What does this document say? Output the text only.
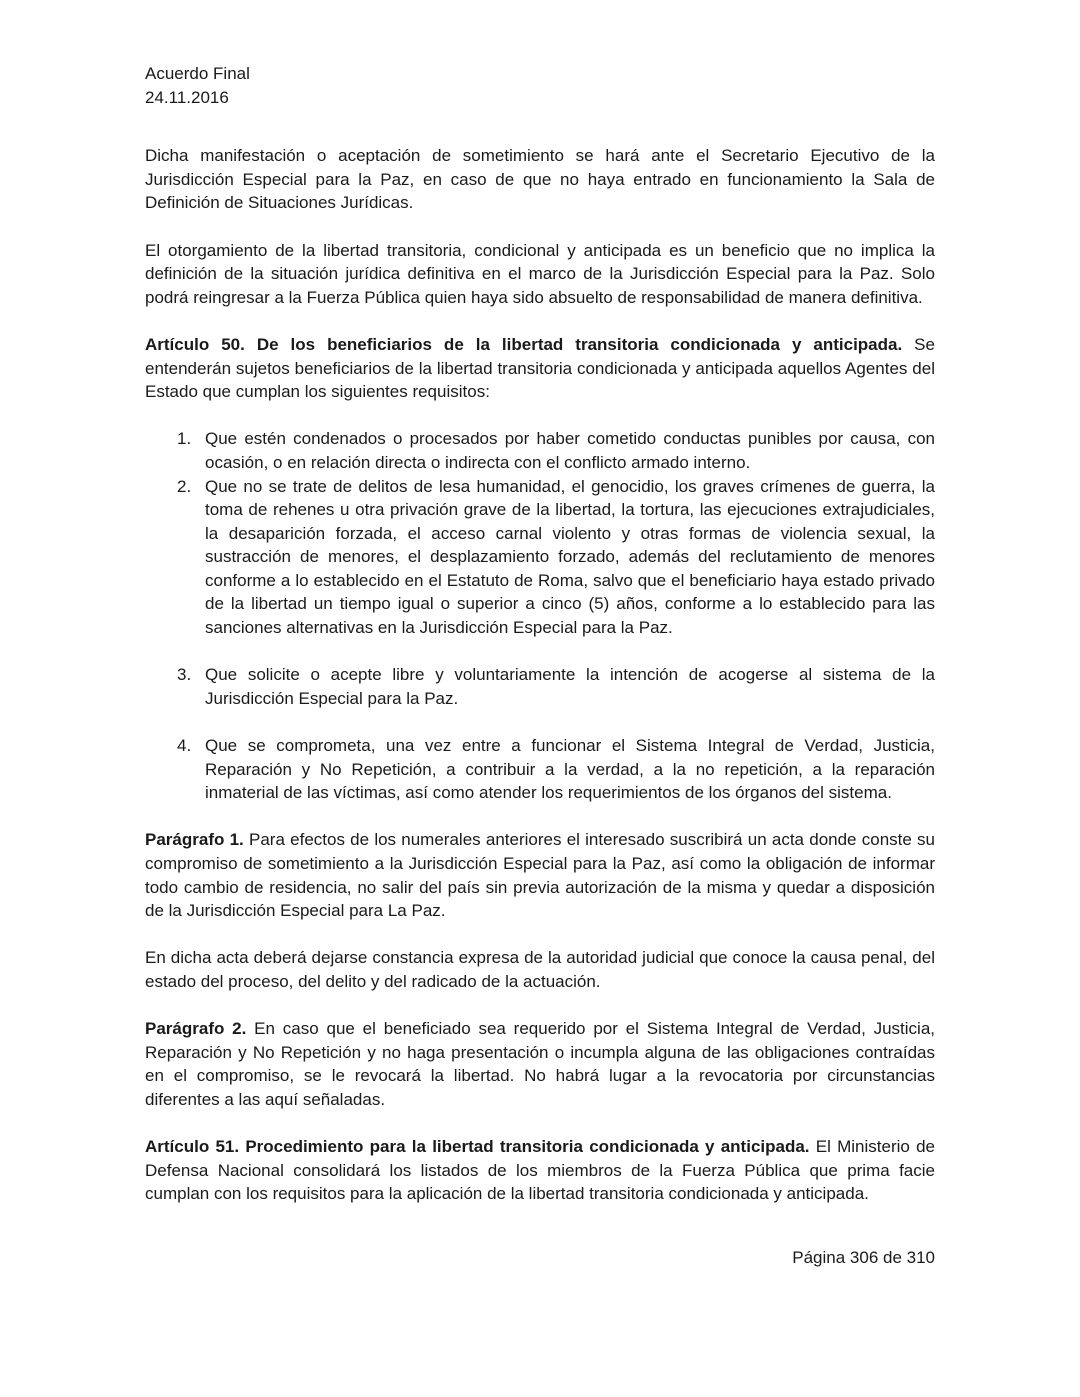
Acuerdo Final
24.11.2016

Dicha manifestación o aceptación de sometimiento se hará ante el Secretario Ejecutivo de la Jurisdicción Especial para la Paz, en caso de que no haya entrado en funcionamiento la Sala de Definición de Situaciones Jurídicas.

El otorgamiento de la libertad transitoria, condicional y anticipada es un beneficio que no implica la definición de la situación jurídica definitiva en el marco de la Jurisdicción Especial para la Paz. Solo podrá reingresar a la Fuerza Pública quien haya sido absuelto de responsabilidad de manera definitiva.

Artículo 50. De los beneficiarios de la libertad transitoria condicionada y anticipada. Se entenderán sujetos beneficiarios de la libertad transitoria condicionada y anticipada aquellos Agentes del Estado que cumplan los siguientes requisitos:

1. Que estén condenados o procesados por haber cometido conductas punibles por causa, con ocasión, o en relación directa o indirecta con el conflicto armado interno.
2. Que no se trate de delitos de lesa humanidad, el genocidio, los graves crímenes de guerra, la toma de rehenes u otra privación grave de la libertad, la tortura, las ejecuciones extrajudiciales, la desaparición forzada, el acceso carnal violento y otras formas de violencia sexual, la sustracción de menores, el desplazamiento forzado, además del reclutamiento de menores conforme a lo establecido en el Estatuto de Roma, salvo que el beneficiario haya estado privado de la libertad un tiempo igual o superior a cinco (5) años, conforme a lo establecido para las sanciones alternativas en la Jurisdicción Especial para la Paz.
3. Que solicite o acepte libre y voluntariamente la intención de acogerse al sistema de la Jurisdicción Especial para la Paz.
4. Que se comprometa, una vez entre a funcionar el Sistema Integral de Verdad, Justicia, Reparación y No Repetición, a contribuir a la verdad, a la no repetición, a la reparación inmaterial de las víctimas, así como atender los requerimientos de los órganos del sistema.

Parágrafo 1. Para efectos de los numerales anteriores el interesado suscribirá un acta donde conste su compromiso de sometimiento a la Jurisdicción Especial para la Paz, así como la obligación de informar todo cambio de residencia, no salir del país sin previa autorización de la misma y quedar a disposición de la Jurisdicción Especial para La Paz.

En dicha acta deberá dejarse constancia expresa de la autoridad judicial que conoce la causa penal, del estado del proceso, del delito y del radicado de la actuación.

Parágrafo 2. En caso que el beneficiado sea requerido por el Sistema Integral de Verdad, Justicia, Reparación y No Repetición y no haga presentación o incumpla alguna de las obligaciones contraídas en el compromiso, se le revocará la libertad. No habrá lugar a la revocatoria por circunstancias diferentes a las aquí señaladas.

Artículo 51. Procedimiento para la libertad transitoria condicionada y anticipada. El Ministerio de Defensa Nacional consolidará los listados de los miembros de la Fuerza Pública que prima facie cumplan con los requisitos para la aplicación de la libertad transitoria condicionada y anticipada.

Página 306 de 310
